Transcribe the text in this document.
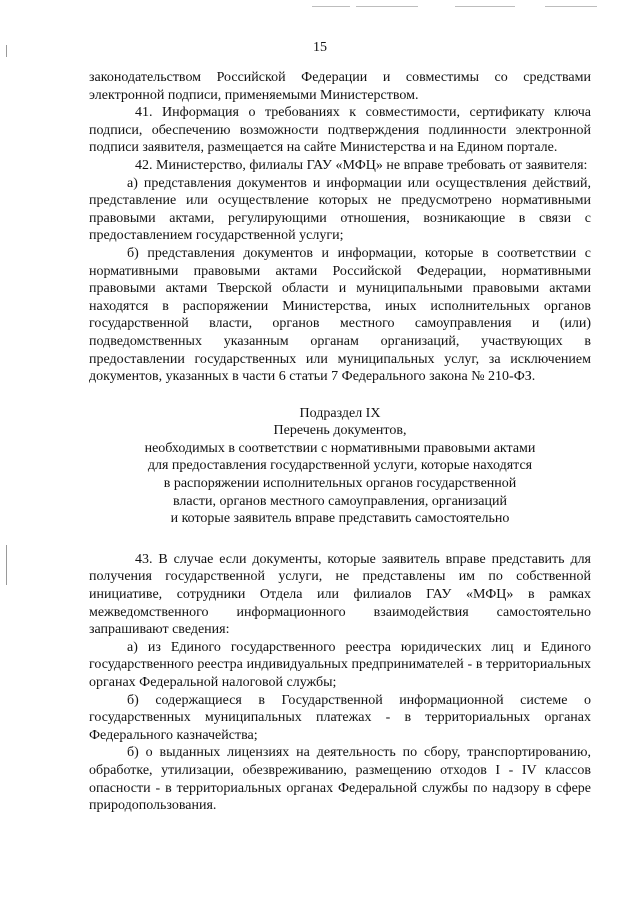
15

законодательством Российской Федерации и совместимы со средствами электронной подписи, применяемыми Министерством.

41. Информация о требованиях к совместимости, сертификату ключа подписи, обеспечению возможности подтверждения подлинности электронной подписи заявителя, размещается на сайте Министерства и на Едином портале.

42. Министерство, филиалы ГАУ «МФЦ» не вправе требовать от заявителя:

а) представления документов и информации или осуществления действий, представление или осуществление которых не предусмотрено нормативными правовыми актами, регулирующими отношения, возникающие в связи с предоставлением государственной услуги;

б) представления документов и информации, которые в соответствии с нормативными правовыми актами Российской Федерации, нормативными правовыми актами Тверской области и муниципальными правовыми актами находятся в распоряжении Министерства, иных исполнительных органов государственной власти, органов местного самоуправления и (или) подведомственных указанным органам организаций, участвующих в предоставлении государственных или муниципальных услуг, за исключением документов, указанных в части 6 статьи 7 Федерального закона № 210-ФЗ.

Подраздел IX
Перечень документов,
необходимых в соответствии с нормативными правовыми актами
для предоставления государственной услуги, которые находятся
в распоряжении исполнительных органов государственной
власти, органов местного самоуправления, организаций
и которые заявитель вправе представить самостоятельно

43. В случае если документы, которые заявитель вправе представить для получения государственной услуги, не представлены им по собственной инициативе, сотрудники Отдела или филиалов ГАУ «МФЦ» в рамках межведомственного информационного взаимодействия самостоятельно запрашивают сведения:

а) из Единого государственного реестра юридических лиц и Единого государственного реестра индивидуальных предпринимателей - в территориальных органах Федеральной налоговой службы;

б) содержащиеся в Государственной информационной системе о государственных муниципальных платежах - в территориальных органах Федерального казначейства;

б) о выданных лицензиях на деятельность по сбору, транспортированию, обработке, утилизации, обезвреживанию, размещению отходов I - IV классов опасности - в территориальных органах Федеральной службы по надзору в сфере природопользования.
